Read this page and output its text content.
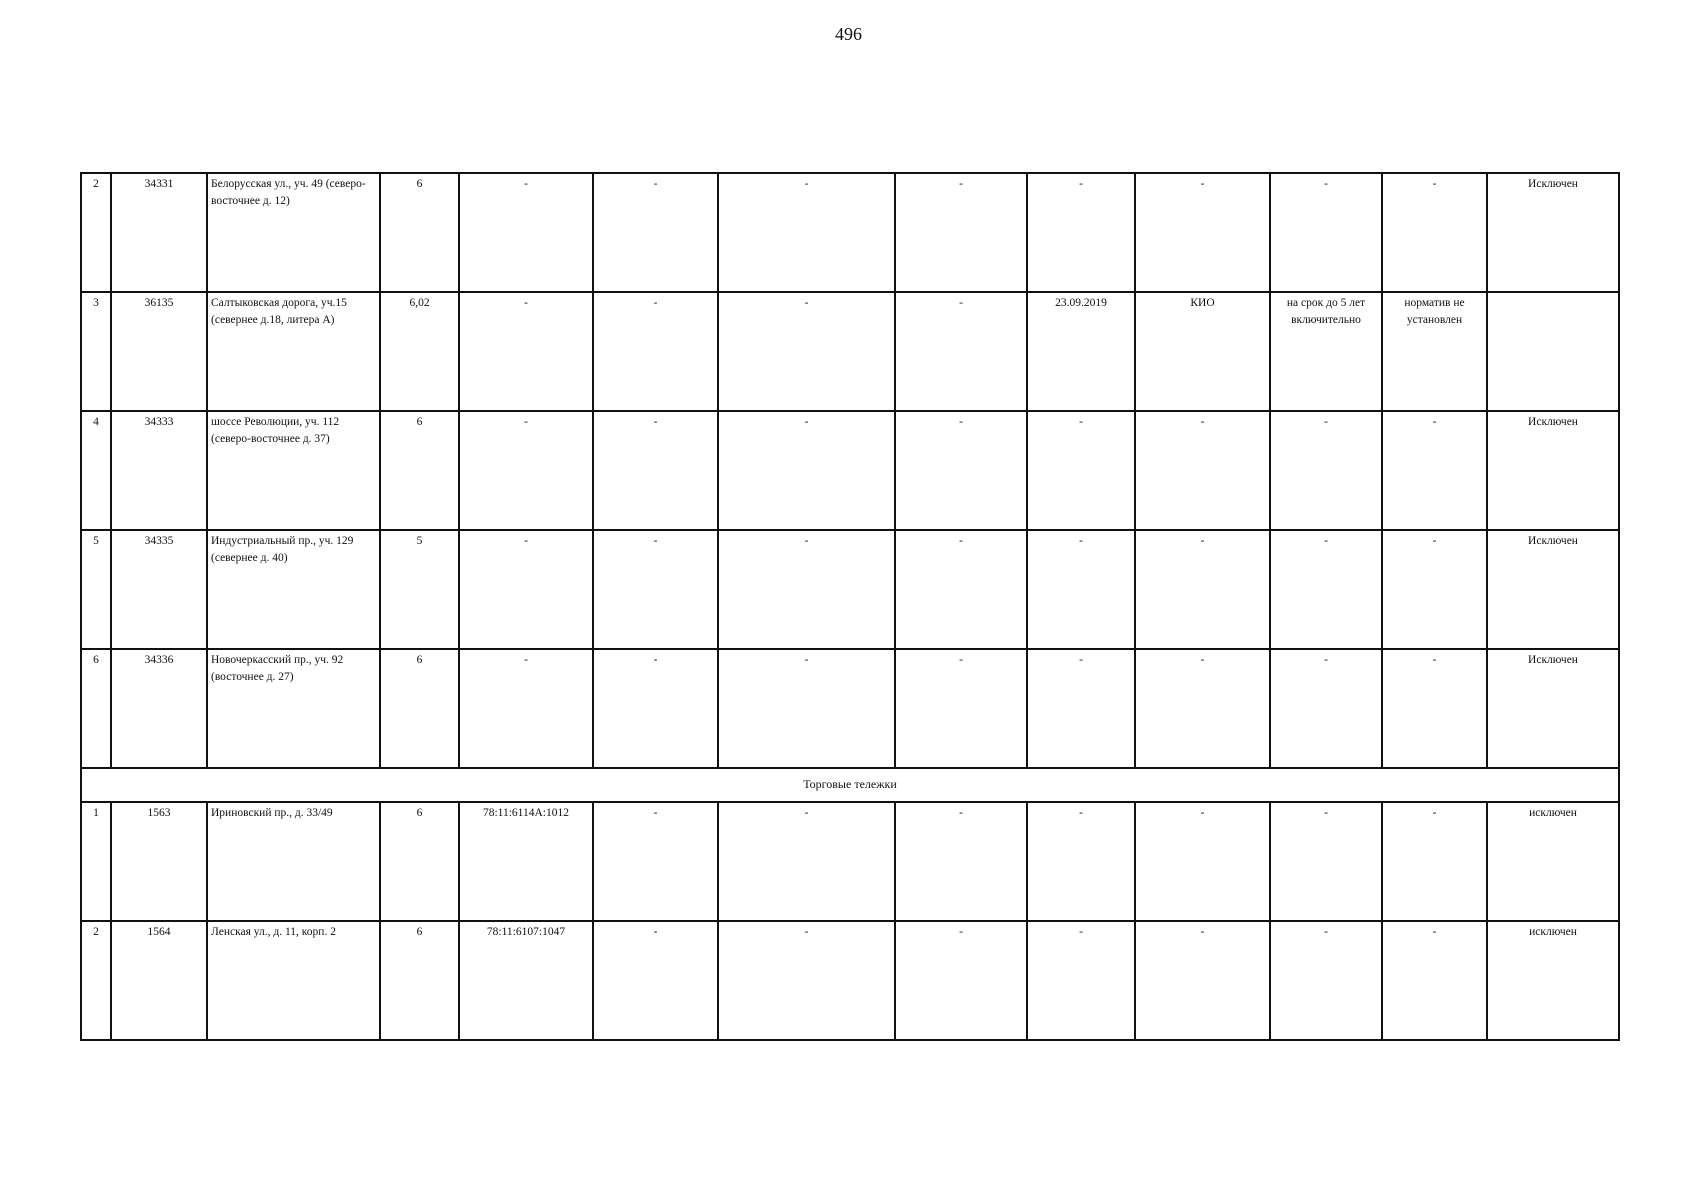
496
2	34331	Белорусская ул., уч. 49 (северо-восточнее д. 12)	6	-	-	-	-	-	-	-	-	Исключен
3	36135	Салтыковская дорога, уч.15 (севернее д.18, литера А)	6,02	-	-	-	-	23.09.2019	КИО	на срок до 5 лет включительно	норматив не установлен	
4	34333	шоссе Революции, уч. 112 (северо-восточнее д. 37)	6	-	-	-	-	-	-	-	-	Исключен
5	34335	Индустриальный пр., уч. 129 (севернее д. 40)	5	-	-	-	-	-	-	-	-	Исключен
6	34336	Новочеркасский пр., уч. 92 (восточнее д. 27)	6	-	-	-	-	-	-	-	-	Исключен
Торговые тележки												
1	1563	Ириновский пр., д. 33/49	6	78:11:6114А:1012	-	-	-	-	-	-	-	исключен
2	1564	Ленская ул., д. 11, корп. 2	6	78:11:6107:1047	-	-	-	-	-	-	-	исключен
